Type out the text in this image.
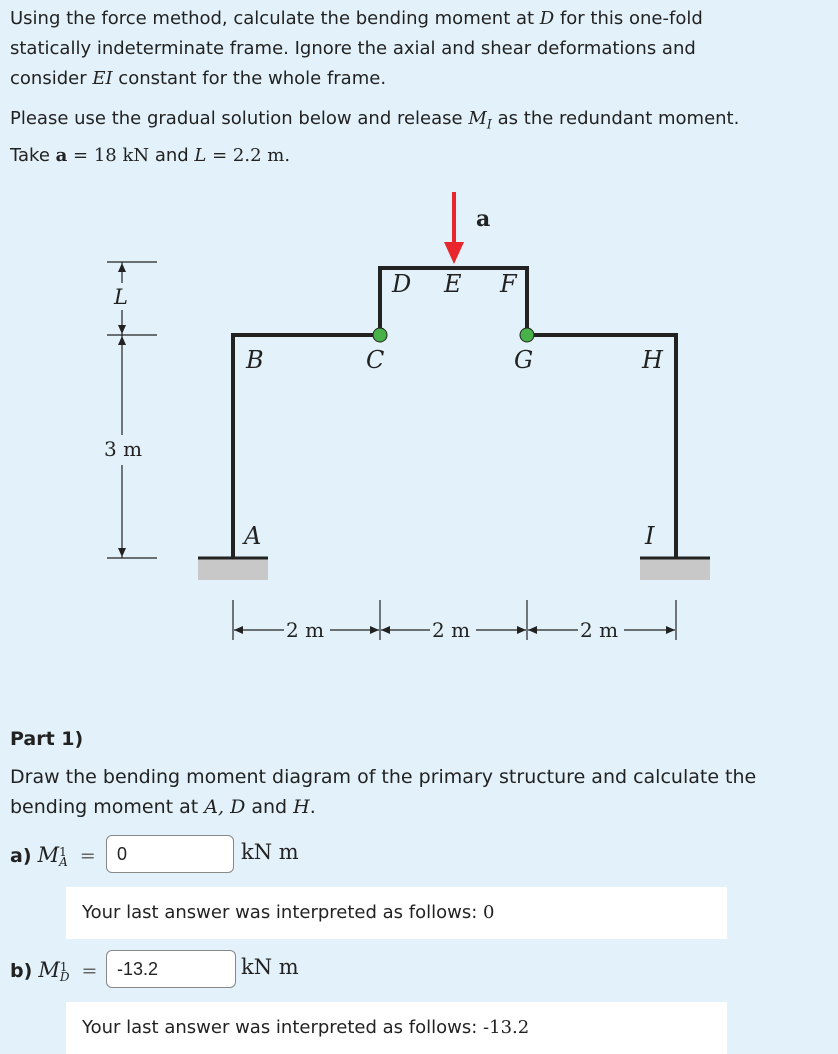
Using the force method, calculate the bending moment at D for this one-fold
statically indeterminate frame. Ignore the axial and shear deformations and
consider EI constant for the whole frame.

Please use the gradual solution below and release $M_I$ as the redundant moment.
Take a = 18 kN and L = 2.2 m.

a
D E F
B	C	G	H
A	I
L
3 m
2 m	2 m	2 m
Part 1)

Draw the bending moment diagram of the primary structure and calculate the
bending moment at A, D and H.

a) M1
A =
0	kN m
Your last answer was interpreted as follows: 0
b) M1
D =
-13.2	kN m
Your last answer was interpreted as follows: -13.2
